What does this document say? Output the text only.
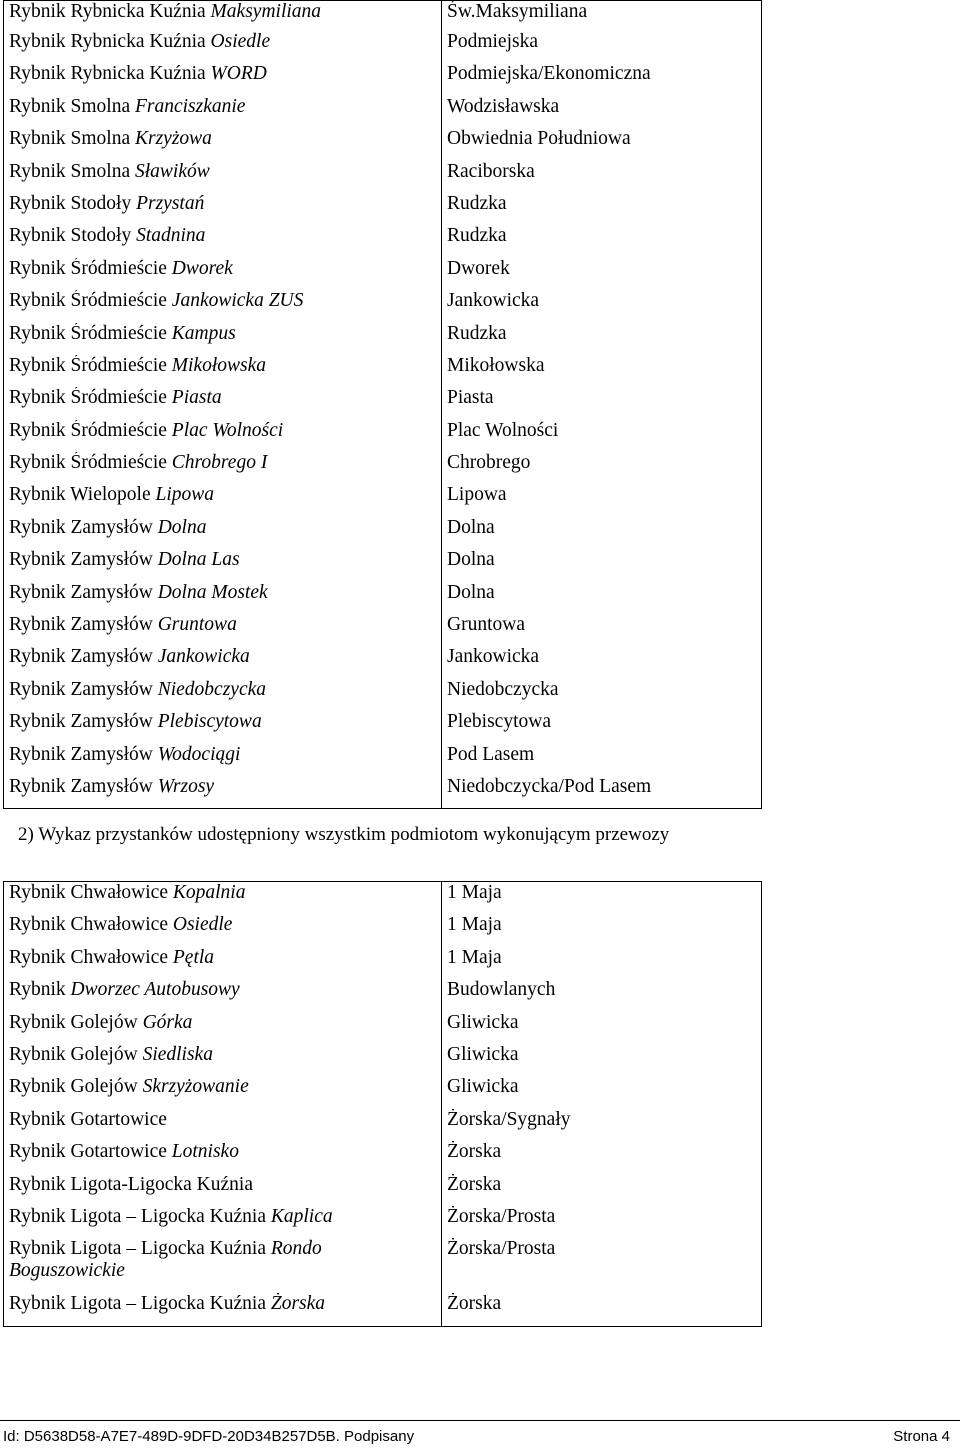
Rybnik Rybnicka Kuźnia Maksymiliana	Św.Maksymiliana
Rybnik Rybnicka Kuźnia Osiedle	Podmiejska
Rybnik Rybnicka Kuźnia WORD	Podmiejska/Ekonomiczna
Rybnik Smolna Franciszkanie	Wodzisławska
Rybnik Smolna Krzyżowa	Obwiednia Południowa
Rybnik Smolna Sławików	Raciborska
Rybnik Stodoły Przystań	Rudzka
Rybnik Stodoły Stadnina	Rudzka
Rybnik Śródmieście Dworek	Dworek
Rybnik Śródmieście Jankowicka ZUS	Jankowicka
Rybnik Śródmieście Kampus	Rudzka
Rybnik Śródmieście Mikołowska	Mikołowska
Rybnik Śródmieście Piasta	Piasta
Rybnik Śródmieście Plac Wolności	Plac Wolności
Rybnik Śródmieście Chrobrego I	Chrobrego
Rybnik Wielopole Lipowa	Lipowa
Rybnik Zamysłów Dolna	Dolna
Rybnik Zamysłów Dolna Las	Dolna
Rybnik Zamysłów Dolna Mostek	Dolna
Rybnik Zamysłów Gruntowa	Gruntowa
Rybnik Zamysłów Jankowicka	Jankowicka
Rybnik Zamysłów Niedobczycka	Niedobczycka
Rybnik Zamysłów Plebiscytowa	Plebiscytowa
Rybnik Zamysłów Wodociągi	Pod Lasem
Rybnik Zamysłów Wrzosy	Niedobczycka/Pod Lasem
2) Wykaz przystanków udostępniony wszystkim podmiotom wykonującym przewozy
Rybnik Chwałowice Kopalnia	1 Maja
Rybnik Chwałowice Osiedle	1 Maja
Rybnik Chwałowice Pętla	1 Maja
Rybnik Dworzec Autobusowy	Budowlanych
Rybnik Golejów Górka	Gliwicka
Rybnik Golejów Siedliska	Gliwicka
Rybnik Golejów Skrzyżowanie	Gliwicka
Rybnik Gotartowice	Żorska/Sygnały
Rybnik Gotartowice Lotnisko	Żorska
Rybnik Ligota-Ligocka Kuźnia	Żorska
Rybnik Ligota – Ligocka Kuźnia Kaplica	Żorska/Prosta
Rybnik Ligota – Ligocka Kuźnia Rondo
Boguszowickie	Żorska/Prosta
Rybnik Ligota – Ligocka Kuźnia Żorska	Żorska
Id: D5638D58-A7E7-489D-9DFD-20D34B257D5B. Podpisany	Strona 4
